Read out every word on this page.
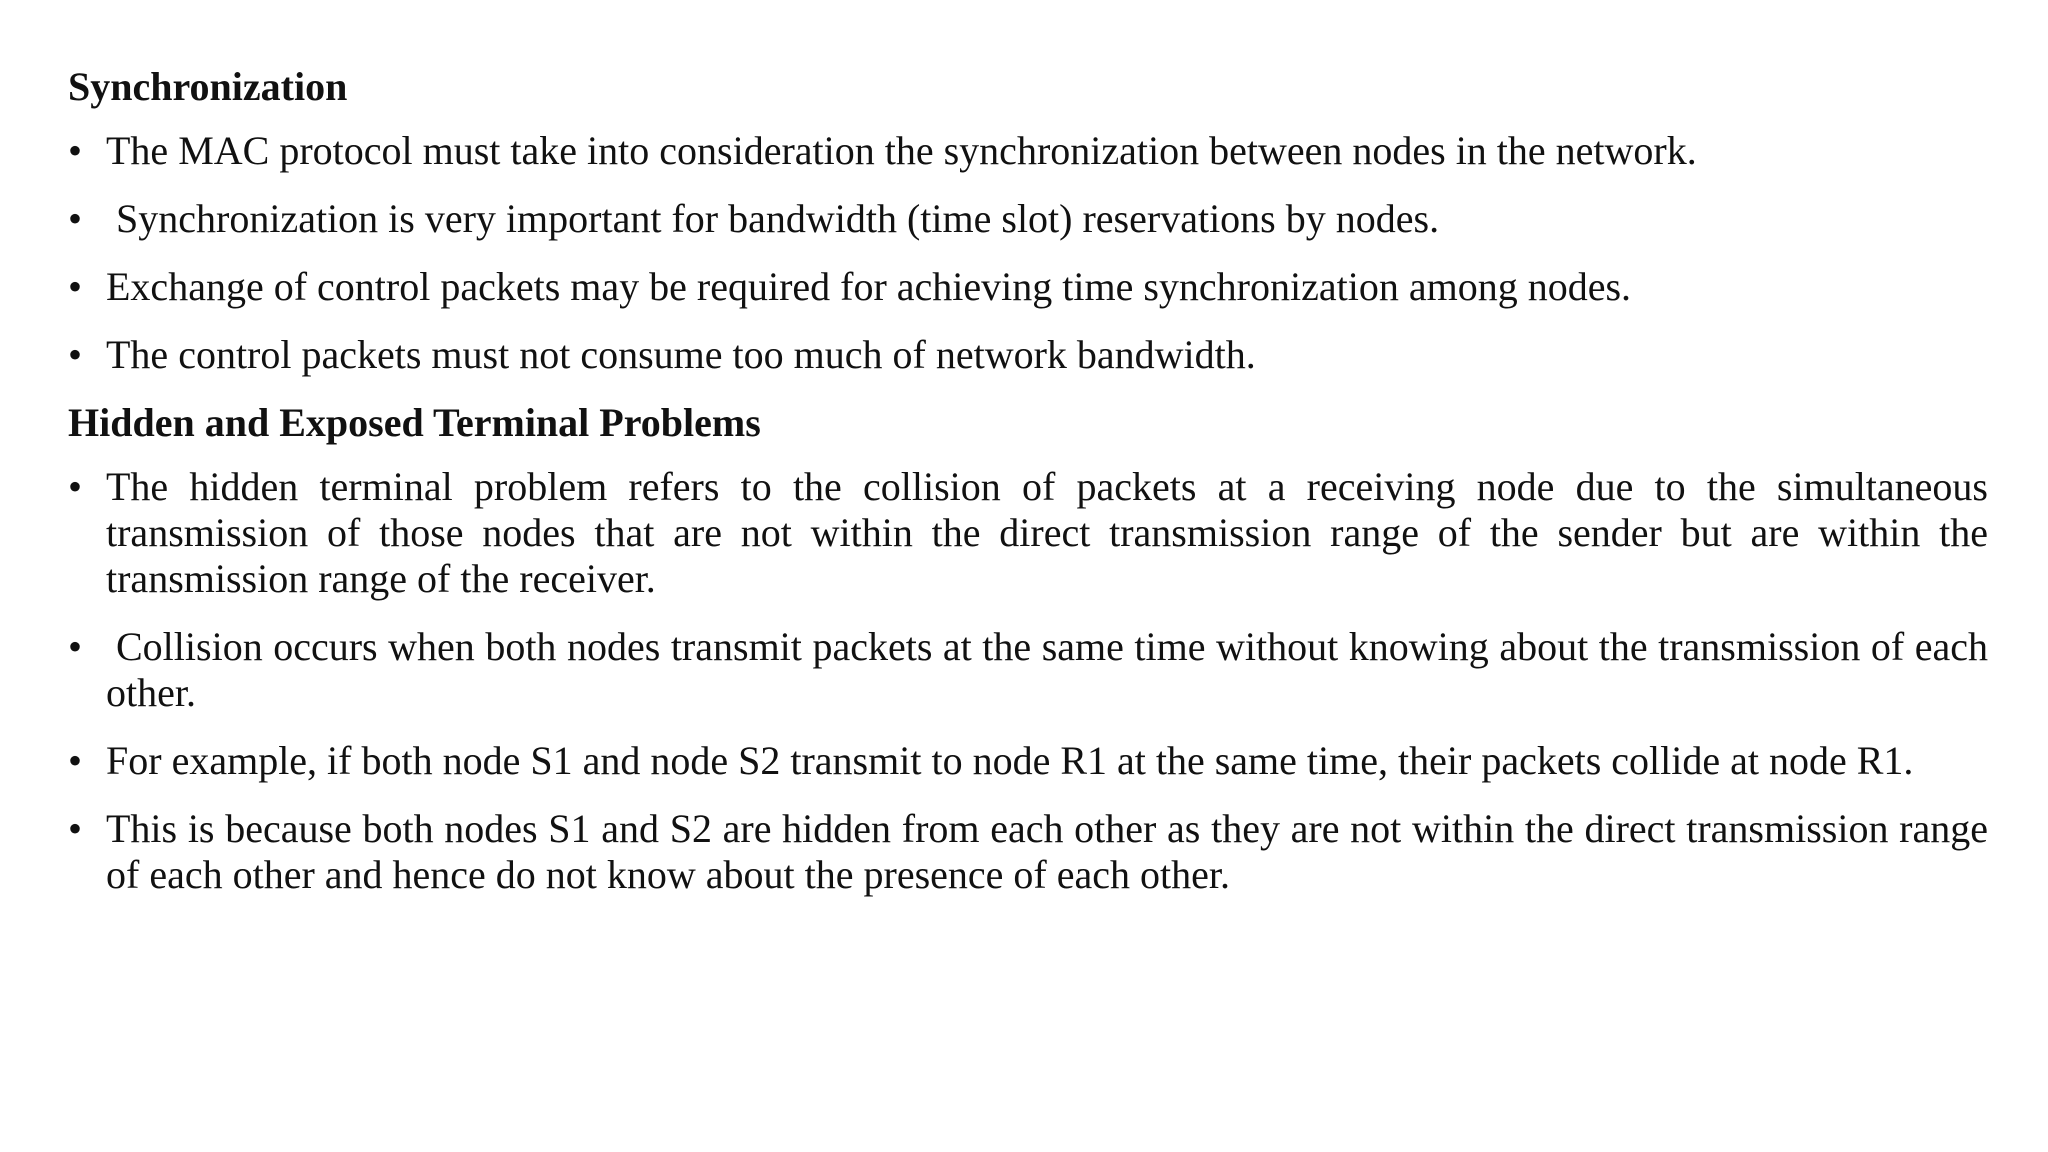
Synchronization
• The MAC protocol must take into consideration the synchronization between nodes in the network.
• Synchronization is very important for bandwidth (time slot) reservations by nodes.
• Exchange of control packets may be required for achieving time synchronization among nodes.
• The control packets must not consume too much of network bandwidth.
Hidden and Exposed Terminal Problems
• The hidden terminal problem refers to the collision of packets at a receiving node due to the simultaneous transmission of those nodes that are not within the direct transmission range of the sender but are within the transmission range of the receiver.
• Collision occurs when both nodes transmit packets at the same time without knowing about the transmission of each other.
• For example, if both node S1 and node S2 transmit to node R1 at the same time, their packets collide at node R1.
• This is because both nodes S1 and S2 are hidden from each other as they are not within the direct transmission range of each other and hence do not know about the presence of each other.
